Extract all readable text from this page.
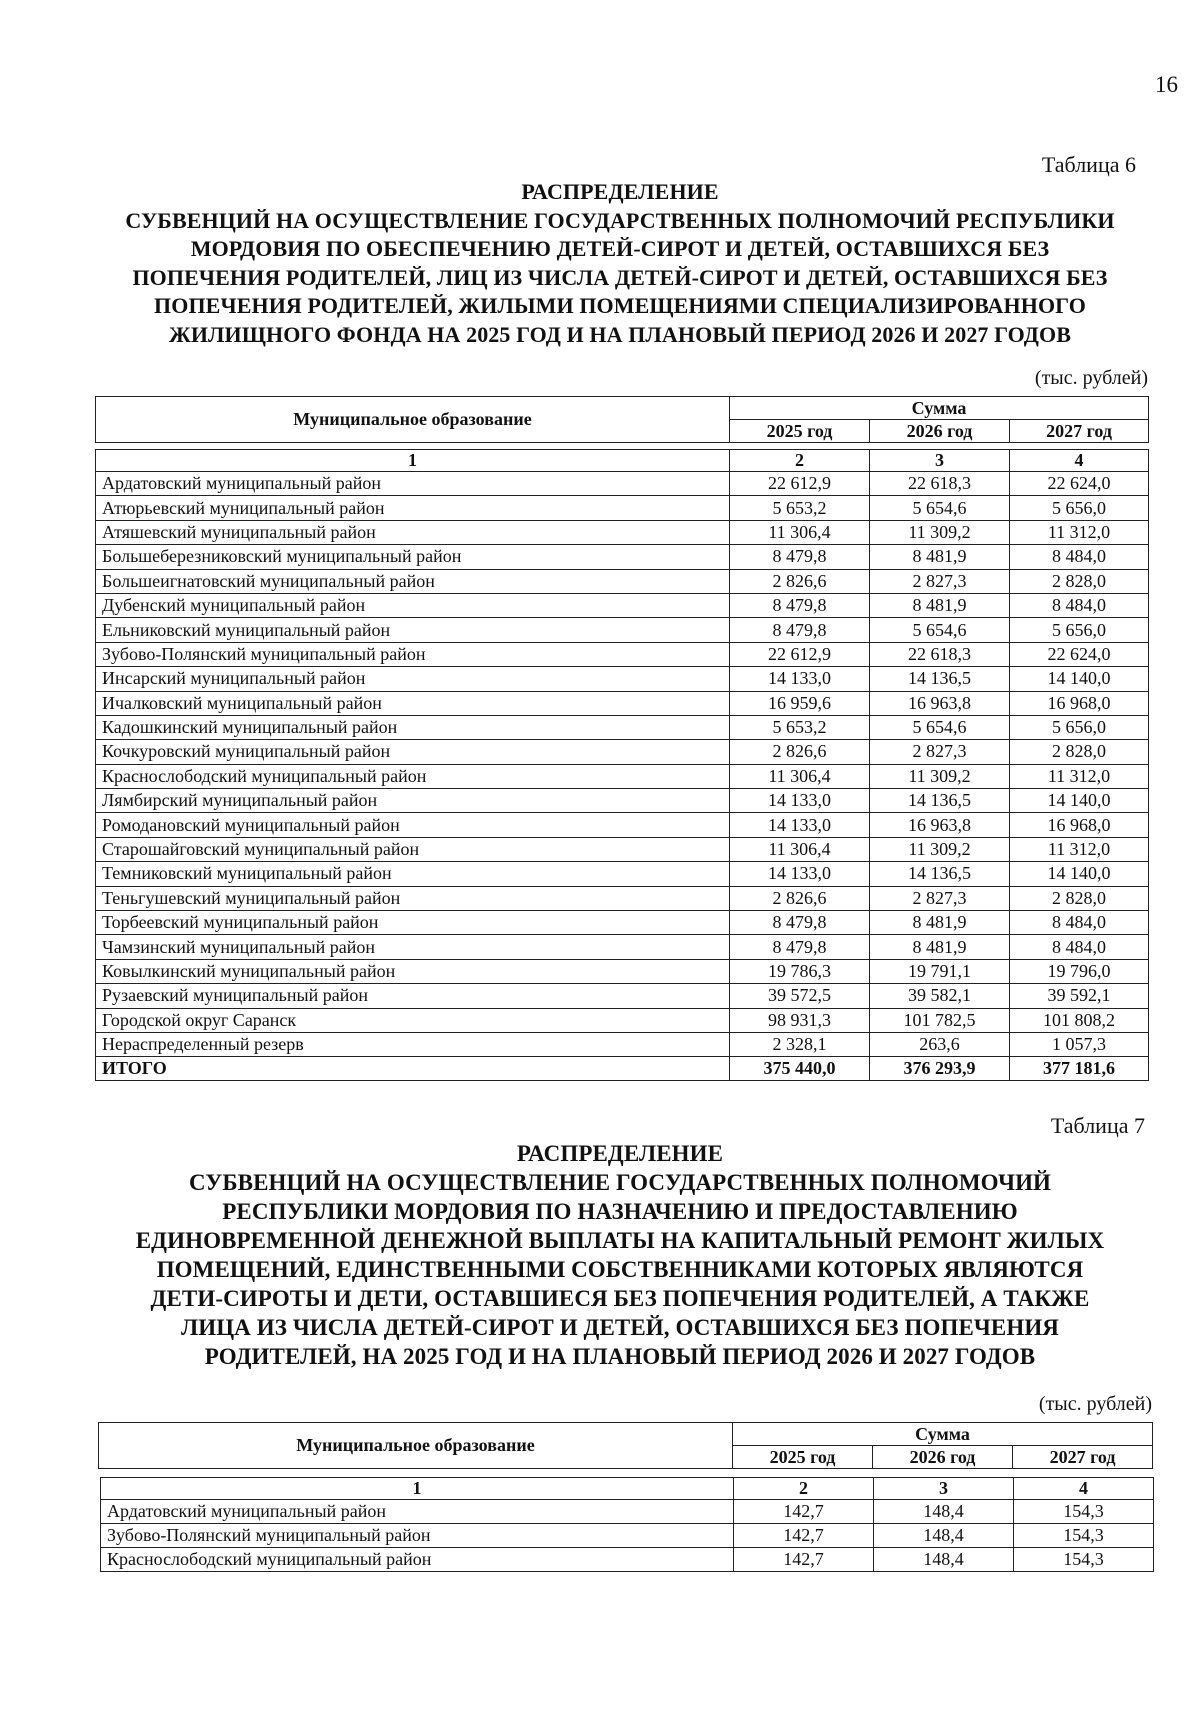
16
Таблица 6
РАСПРЕДЕЛЕНИЕ
СУБВЕНЦИЙ НА ОСУЩЕСТВЛЕНИЕ ГОСУДАРСТВЕННЫХ ПОЛНОМОЧИЙ РЕСПУБЛИКИ
МОРДОВИЯ ПО ОБЕСПЕЧЕНИЮ ДЕТЕЙ-СИРОТ И ДЕТЕЙ, ОСТАВШИХСЯ БЕЗ
ПОПЕЧЕНИЯ РОДИТЕЛЕЙ, ЛИЦ ИЗ ЧИСЛА ДЕТЕЙ-СИРОТ И ДЕТЕЙ, ОСТАВШИХСЯ БЕЗ
ПОПЕЧЕНИЯ РОДИТЕЛЕЙ, ЖИЛЫМИ ПОМЕЩЕНИЯМИ СПЕЦИАЛИЗИРОВАННОГО
ЖИЛИЩНОГО ФОНДА НА 2025 ГОД И НА ПЛАНОВЫЙ ПЕРИОД 2026 И 2027 ГОДОВ
(тыс. рублей)
Муниципальное образование	Сумма		
	2025 год	2026 год	2027 год
1	2	3	4
Ардатовский муниципальный район	22 612,9	22 618,3	22 624,0
Атюрьевский муниципальный район	5 653,2	5 654,6	5 656,0
Атяшевский муниципальный район	11 306,4	11 309,2	11 312,0
Большеберезниковский муниципальный район	8 479,8	8 481,9	8 484,0
Большеигнатовский муниципальный район	2 826,6	2 827,3	2 828,0
Дубенский муниципальный район	8 479,8	8 481,9	8 484,0
Ельниковский муниципальный район	8 479,8	5 654,6	5 656,0
Зубово-Полянский муниципальный район	22 612,9	22 618,3	22 624,0
Инсарский муниципальный район	14 133,0	14 136,5	14 140,0
Ичалковский муниципальный район	16 959,6	16 963,8	16 968,0
Кадошкинский муниципальный район	5 653,2	5 654,6	5 656,0
Кочкуровский муниципальный район	2 826,6	2 827,3	2 828,0
Краснослободский муниципальный район	11 306,4	11 309,2	11 312,0
Лямбирский муниципальный район	14 133,0	14 136,5	14 140,0
Ромодановский муниципальный район	14 133,0	16 963,8	16 968,0
Старошайговский муниципальный район	11 306,4	11 309,2	11 312,0
Темниковский муниципальный район	14 133,0	14 136,5	14 140,0
Теньгушевский муниципальный район	2 826,6	2 827,3	2 828,0
Торбеевский муниципальный район	8 479,8	8 481,9	8 484,0
Чамзинский муниципальный район	8 479,8	8 481,9	8 484,0
Ковылкинский муниципальный район	19 786,3	19 791,1	19 796,0
Рузаевский муниципальный район	39 572,5	39 582,1	39 592,1
Городской округ Саранск	98 931,3	101 782,5	101 808,2
Нераспределенный резерв	2 328,1	263,6	1 057,3
ИТОГО	375 440,0	376 293,9	377 181,6
Таблица 7
РАСПРЕДЕЛЕНИЕ
СУБВЕНЦИЙ НА ОСУЩЕСТВЛЕНИЕ ГОСУДАРСТВЕННЫХ ПОЛНОМОЧИЙ
РЕСПУБЛИКИ МОРДОВИЯ ПО НАЗНАЧЕНИЮ И ПРЕДОСТАВЛЕНИЮ
ЕДИНОВРЕМЕННОЙ ДЕНЕЖНОЙ ВЫПЛАТЫ НА КАПИТАЛЬНЫЙ РЕМОНТ ЖИЛЫХ
ПОМЕЩЕНИЙ, ЕДИНСТВЕННЫМИ СОБСТВЕННИКАМИ КОТОРЫХ ЯВЛЯЮТСЯ
ДЕТИ-СИРОТЫ И ДЕТИ, ОСТАВШИЕСЯ БЕЗ ПОПЕЧЕНИЯ РОДИТЕЛЕЙ, А ТАКЖЕ
ЛИЦА ИЗ ЧИСЛА ДЕТЕЙ-СИРОТ И ДЕТЕЙ, ОСТАВШИХСЯ БЕЗ ПОПЕЧЕНИЯ
РОДИТЕЛЕЙ, НА 2025 ГОД И НА ПЛАНОВЫЙ ПЕРИОД 2026 И 2027 ГОДОВ
(тыс. рублей)
Муниципальное образование	Сумма		
	2025 год	2026 год	2027 год
1	2	3	4
Ардатовский муниципальный район	142,7	148,4	154,3
Зубово-Полянский муниципальный район	142,7	148,4	154,3
Краснослободский муниципальный район	142,7	148,4	154,3
